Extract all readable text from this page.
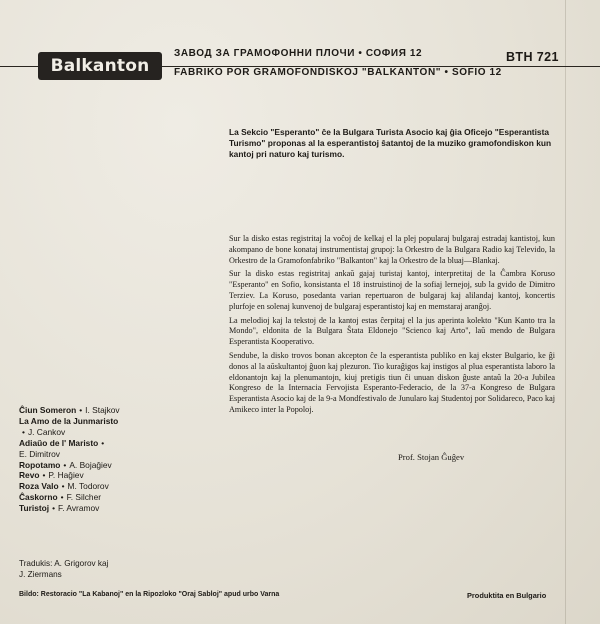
Balkanton
ЗАВОД ЗА ГРАМОФОННИ ПЛОЧИ • СОФИЯ 12
FABRIKO POR GRAMOFONDISKOJ "BALKANTON" • SOFIO 12
BTH 721
La Sekcio "Esperanto" ĉe la Bulgara Turista Asocio kaj ĝia Oficejo "Esperantista Turismo" proponas al la esperantistoj ŝatantoj de la muziko gramofondiskon kun kantoj pri naturo kaj turismo.

Sur la disko estas registritaj la voĉoj de kelkaj el la plej popularaj bulgaraj estradaj kantistoj, kun akompano de bone konataj instrumentistaj grupoj: la Orkestro de la Bulgara Radio kaj Televido, la Orkestro de la Gramofonfabriko "Balkanton" kaj la Orkestro de la bluaj—Blankaj.

Sur la disko estas registritaj ankaŭ gajaj turistaj kantoj, interpretitaj de la Ĉambra Koruso "Esperanto" en Sofio, konsistanta el 18 instruistinoj de la sofiaj lernejoj, sub la gvido de Dimitro Terziev. La Koruso, posedanta varian repertuaron de bulgaraj kaj alilandaj kantoj, koncertis plurfoje en solenaj kunvenoj de bulgaraj esperantistoj kaj en memstaraj aranĝoj.

La melodioj kaj la tekstoj de la kantoj estas ĉerpitaj el la jus aperinta kolekto "Kun Kanto tra la Mondo", eldonita de la Bulgara Ŝtata Eldonejo "Scienco kaj Arto", laŭ mendo de Bulgara Esperantista Kooperativo.

Sendube, la disko trovos bonan akcepton ĉe la esperantista publiko en kaj ekster Bulgario, ke ĝi donos al la aŭskultantoj ĝuon kaj plezuron. Tio kuraĝigos kaj instigos al plua esperantista laboro la eldonantojn kaj la plenumantojn, kiuj pretigis tiun ĉi unuan diskon ĝuste antaŭ la 20-a Jubilea Kongreso de la Internacia Fervojista Esperanto-Federacio, de la 37-a Kongreso de Bulgara Esperantista Asocio kaj de la 9-a Mondfestivalo de Junularo kaj Studentoj por Solidareco, Paco kaj Amikeco inter la Popoloj.

Prof. Stojan Ĝuĝev
Ĉiun Someron • I. Stajkov
La Amo de la Junmaristo
• J. Cankov
Adiaŭo de l' Maristo •
E. Dimitrov
Ropotamo • A. Bojaĝiev
Revo • P. Haĝiev
Roza Valo • M. Todorov
Ĉaskorno • F. Silcher
Turistoj • F. Avramov
Tradukis: A. Grigorov kaj
J. Ziermans
Bildo: Restoracio "La Kabanoj" en la Ripozloko "Oraj Sabloj" apud urbo Varna	Produktita en Bulgario
